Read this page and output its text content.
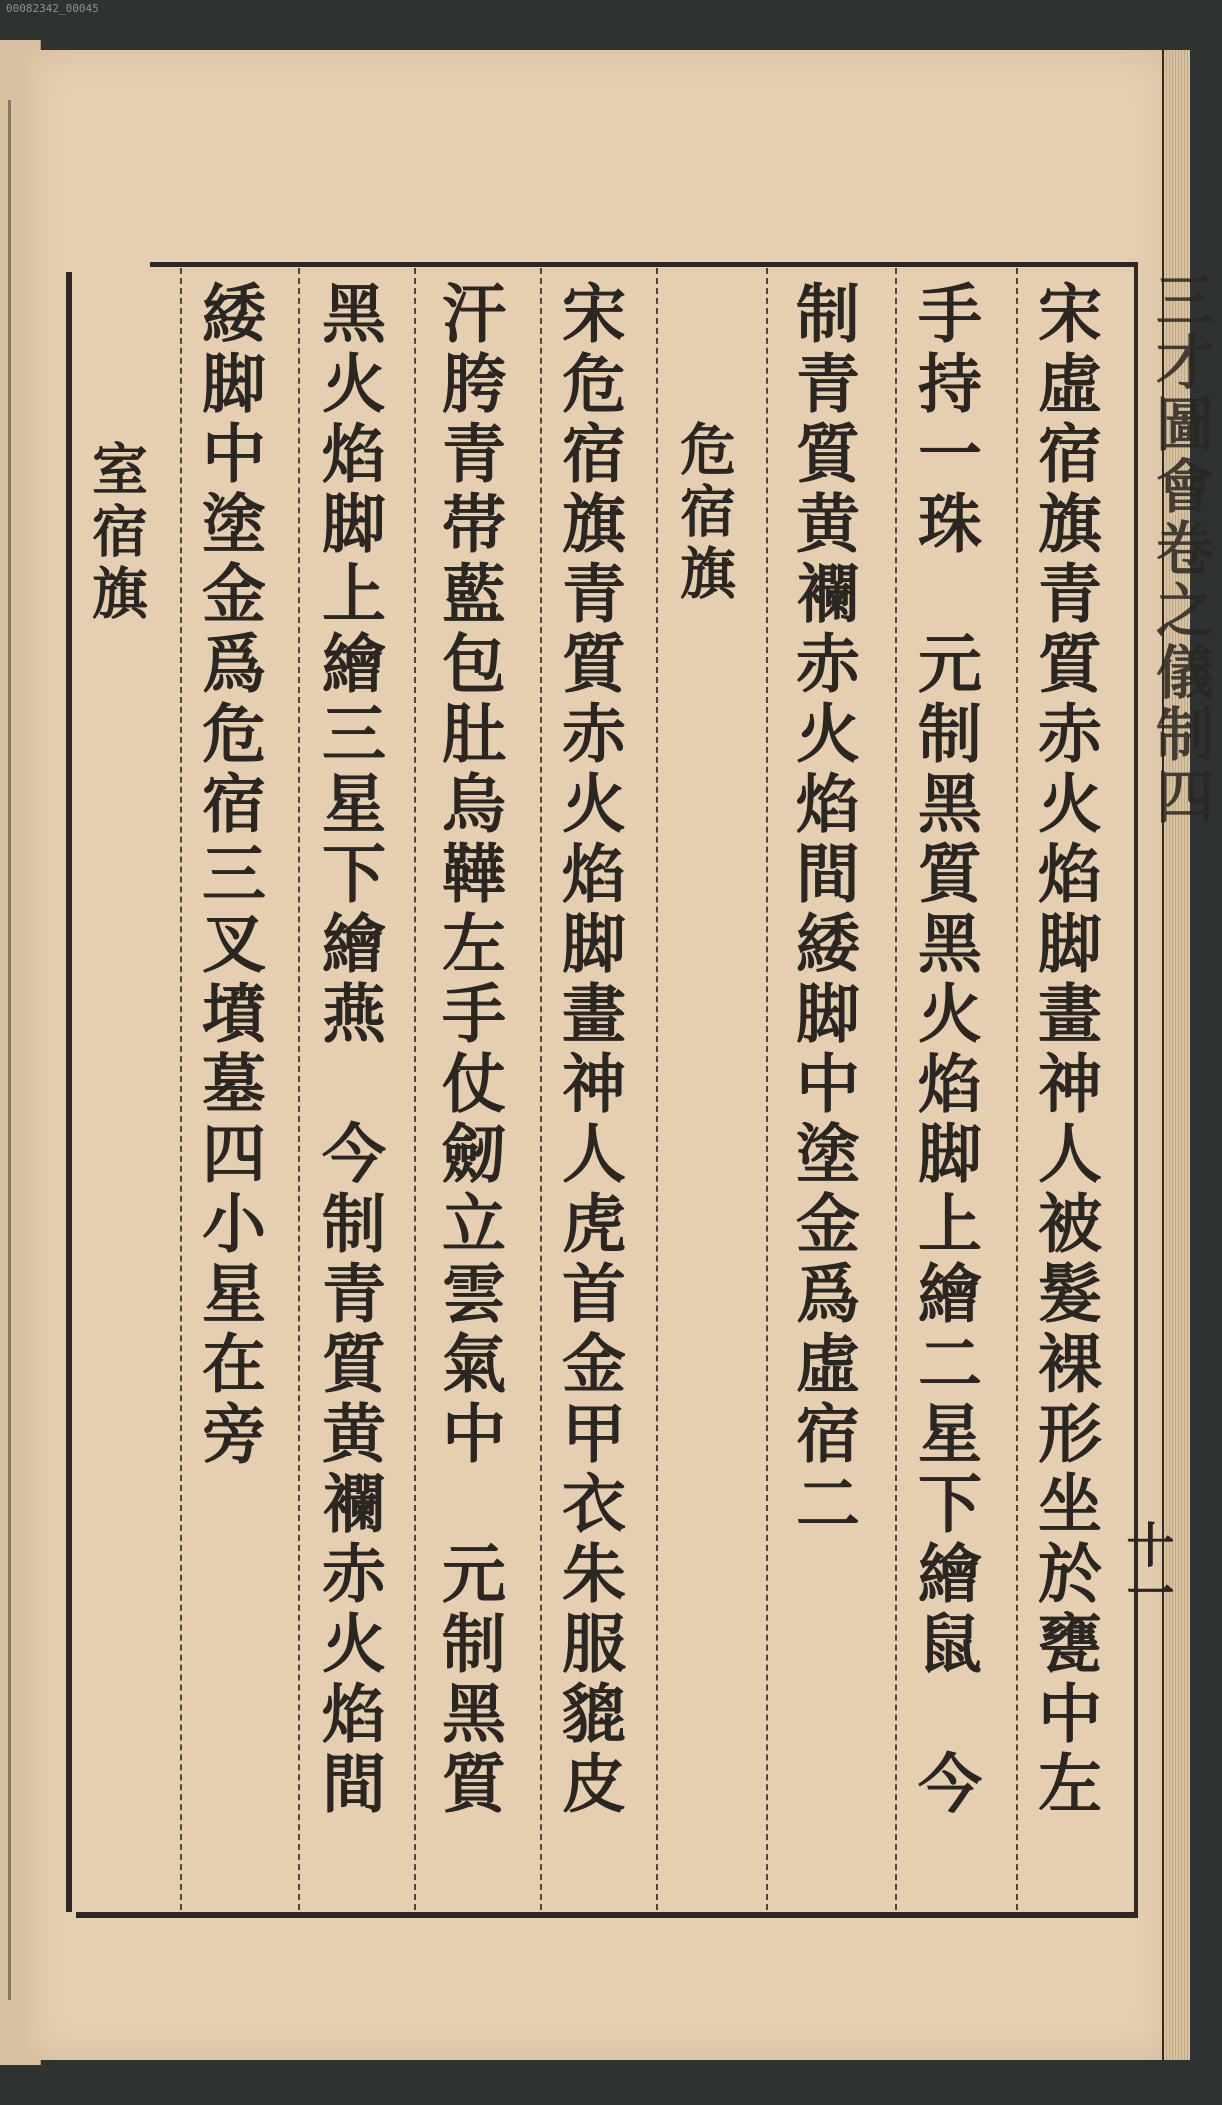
00082342_00045
三才圖會卷之儀制四
十一
宋虛宿旗青質赤火焰脚畫神人被髮裸形坐於甕中左
手持一珠　元制黑質黑火焰脚上繪二星下繪鼠　今
制青質黄襴赤火焰間緌脚中塗金爲虛宿二
危宿旗
宋危宿旗青質赤火焰脚畫神人虎首金甲衣朱服貔皮
汗胯青帯藍包肚烏鞾左手仗劒立雲氣中　元制黑質
黑火焰脚上繪三星下繪燕　今制青質黄襴赤火焰間
緌脚中塗金爲危宿三叉墳墓四小星在旁
室宿旗
